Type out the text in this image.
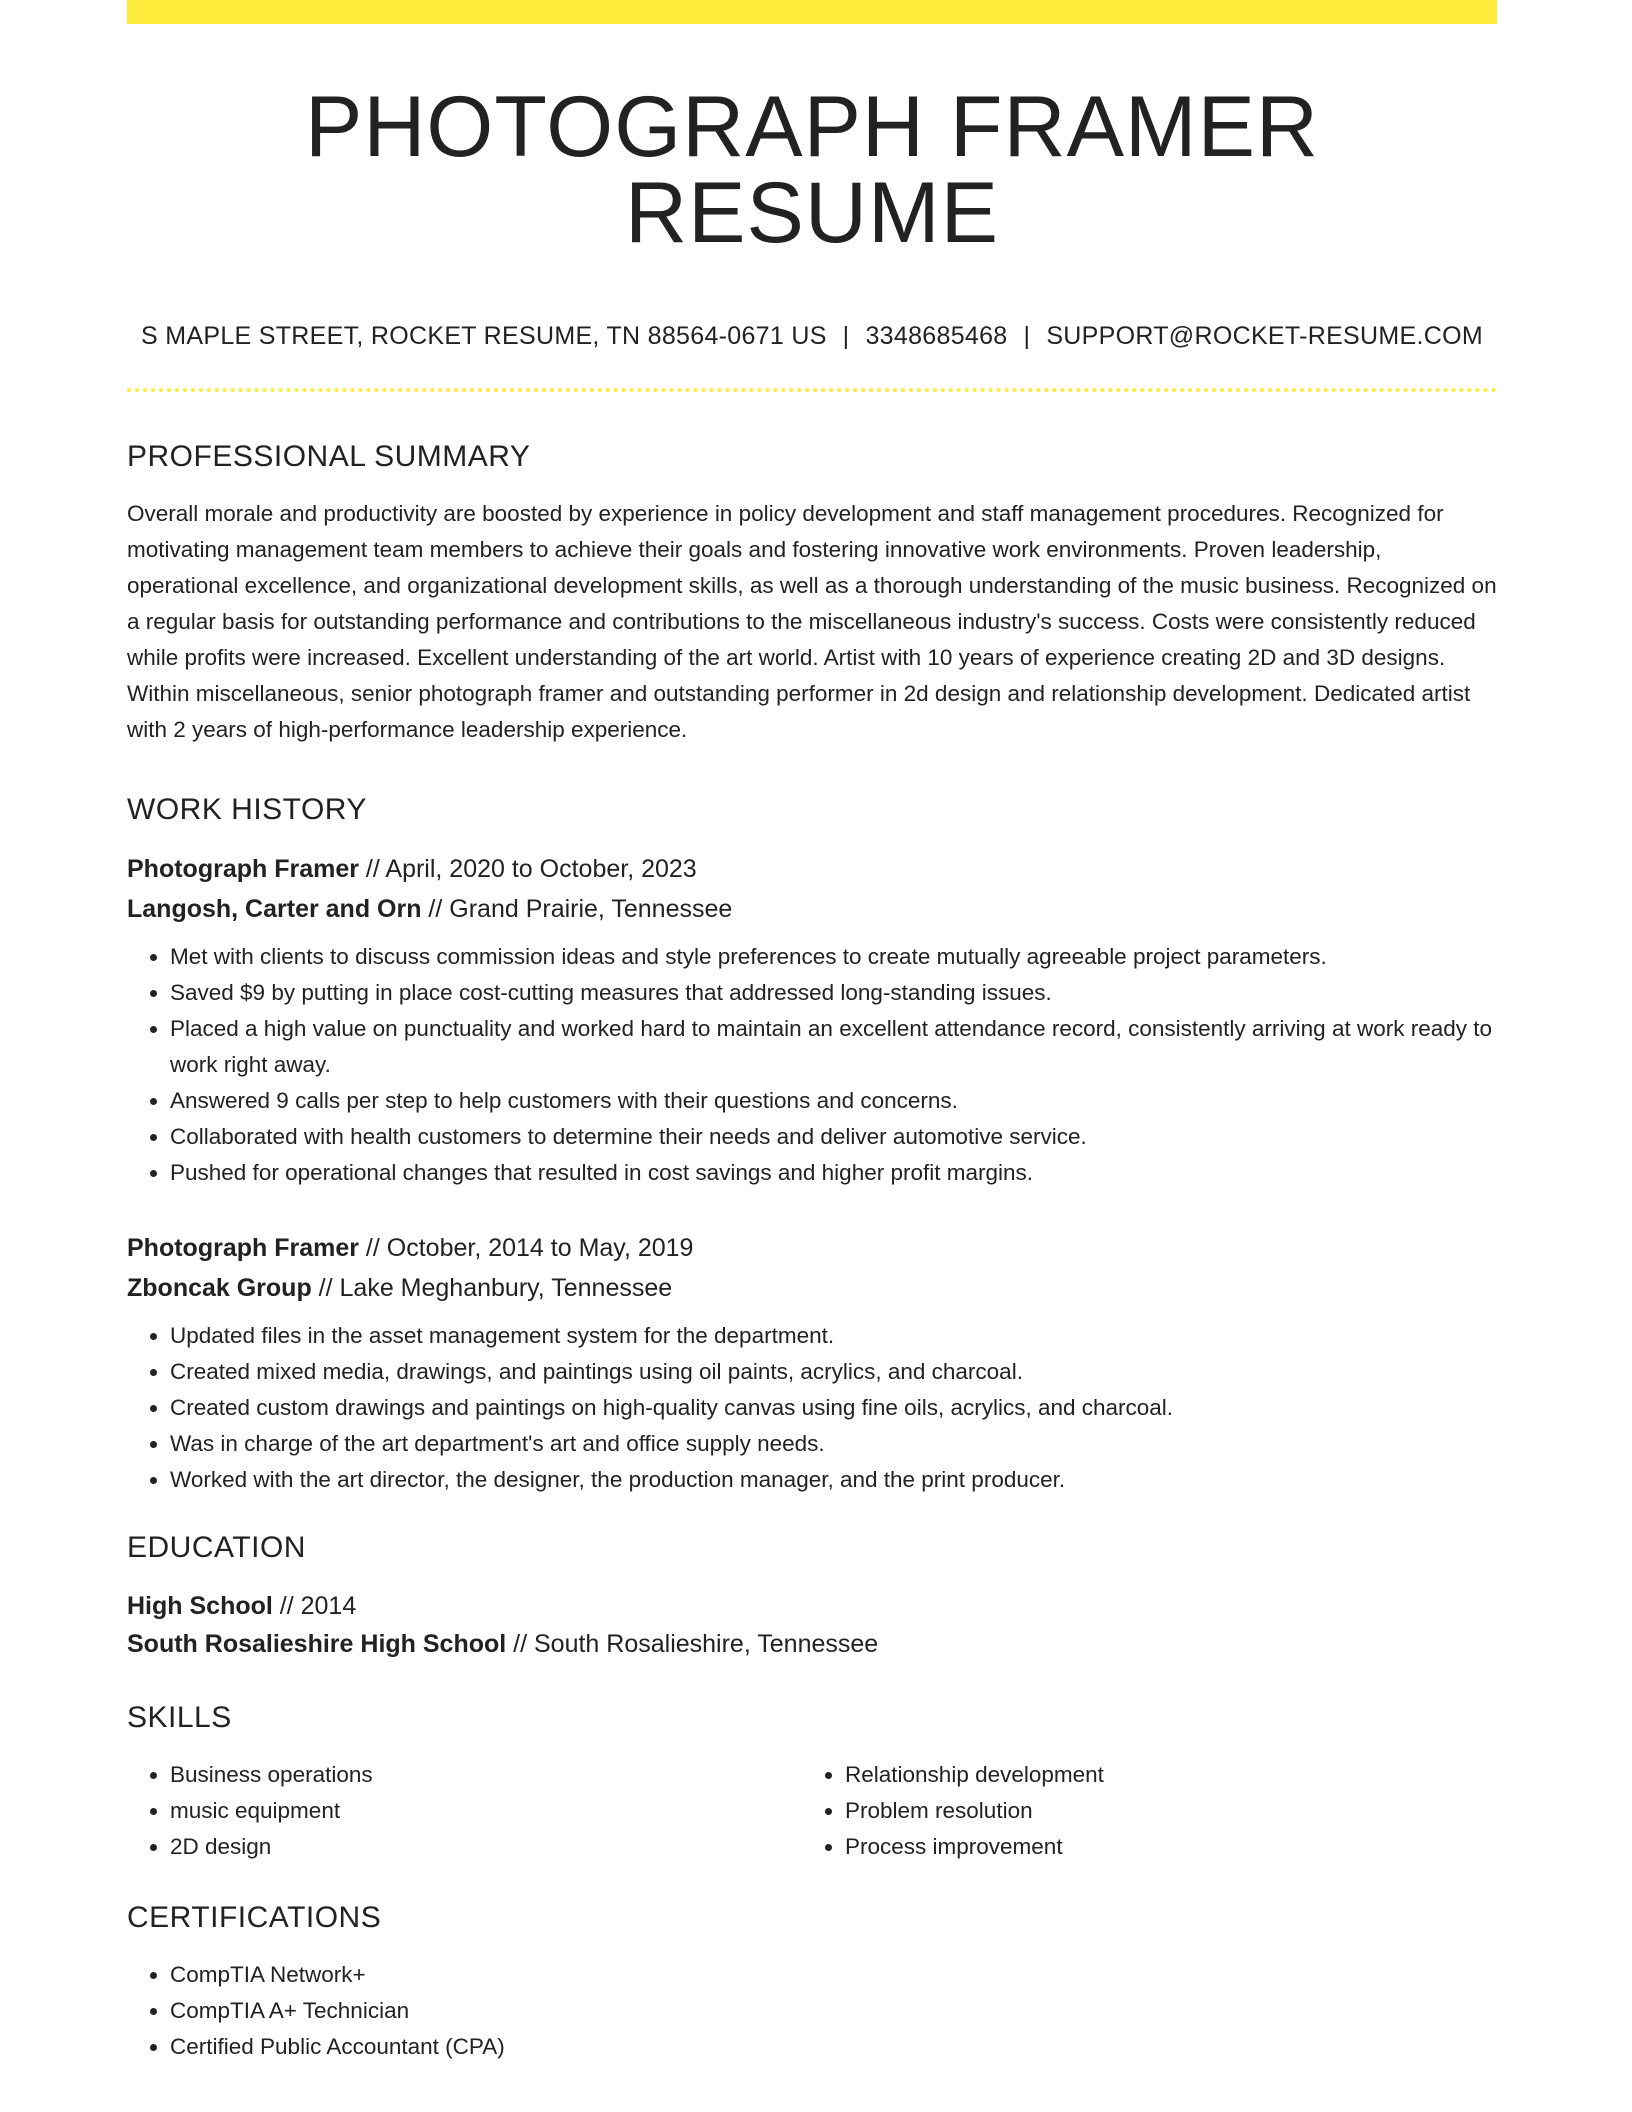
PHOTOGRAPH FRAMER RESUME
S MAPLE STREET, ROCKET RESUME, TN 88564-0671 US | 3348685468 | SUPPORT@ROCKET-RESUME.COM
PROFESSIONAL SUMMARY
Overall morale and productivity are boosted by experience in policy development and staff management procedures. Recognized for motivating management team members to achieve their goals and fostering innovative work environments. Proven leadership, operational excellence, and organizational development skills, as well as a thorough understanding of the music business. Recognized on a regular basis for outstanding performance and contributions to the miscellaneous industry's success. Costs were consistently reduced while profits were increased. Excellent understanding of the art world. Artist with 10 years of experience creating 2D and 3D designs. Within miscellaneous, senior photograph framer and outstanding performer in 2d design and relationship development. Dedicated artist with 2 years of high-performance leadership experience.
WORK HISTORY
Photograph Framer // April, 2020 to October, 2023
Langosh, Carter and Orn // Grand Prairie, Tennessee
• Met with clients to discuss commission ideas and style preferences to create mutually agreeable project parameters.
• Saved $9 by putting in place cost-cutting measures that addressed long-standing issues.
• Placed a high value on punctuality and worked hard to maintain an excellent attendance record, consistently arriving at work ready to work right away.
• Answered 9 calls per step to help customers with their questions and concerns.
• Collaborated with health customers to determine their needs and deliver automotive service.
• Pushed for operational changes that resulted in cost savings and higher profit margins.
Photograph Framer // October, 2014 to May, 2019
Zboncak Group // Lake Meghanbury, Tennessee
• Updated files in the asset management system for the department.
• Created mixed media, drawings, and paintings using oil paints, acrylics, and charcoal.
• Created custom drawings and paintings on high-quality canvas using fine oils, acrylics, and charcoal.
• Was in charge of the art department's art and office supply needs.
• Worked with the art director, the designer, the production manager, and the print producer.
EDUCATION
High School // 2014
South Rosalieshire High School // South Rosalieshire, Tennessee
SKILLS
• Business operations
• music equipment
• 2D design
• Relationship development
• Problem resolution
• Process improvement
CERTIFICATIONS
• CompTIA Network+
• CompTIA A+ Technician
• Certified Public Accountant (CPA)
